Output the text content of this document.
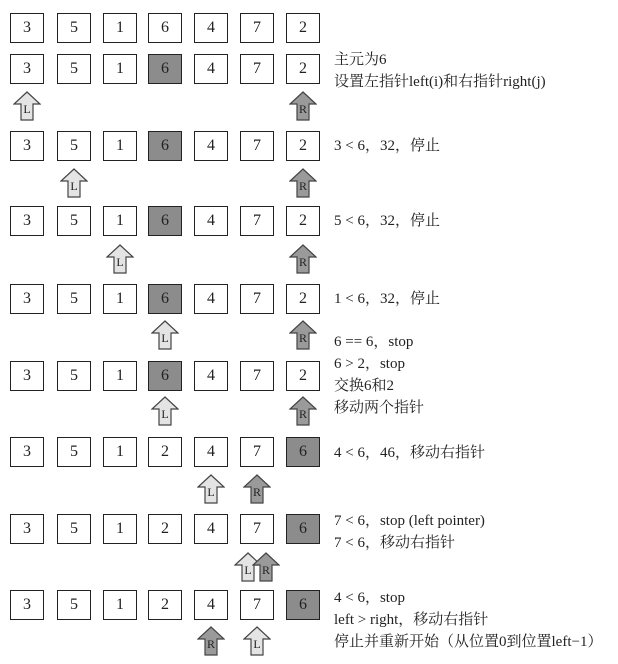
3	5	1	6	4	7	2
3	5	1	6	4	7	2	主元为6
设置左指针left(i)和右指针right(j)
3	5	1	6	4	7	2	3 < 6，32，停止
3	5	1	6	4	7	2	5 < 6，32，停止
3	5	1	6	4	7	2	1 < 6，32，停止
3	5	1	6	4	7	2
6 == 6，stop
6 > 2，stop
交换6和2
移动两个指针
3	5	1	2	4	7	6	4 < 6，46，移动右指针
3	5	1	2	4	7	6	7 < 6，stop (left pointer)
7 < 6，移动右指针
3	5	1	2	4	7	6	4 < 6，stop
left > right，移动右指针
停止并重新开始（从位置0到位置left−1）
L	R
L	R
L	R
L	R
L	R
L	R
L R
R	L
